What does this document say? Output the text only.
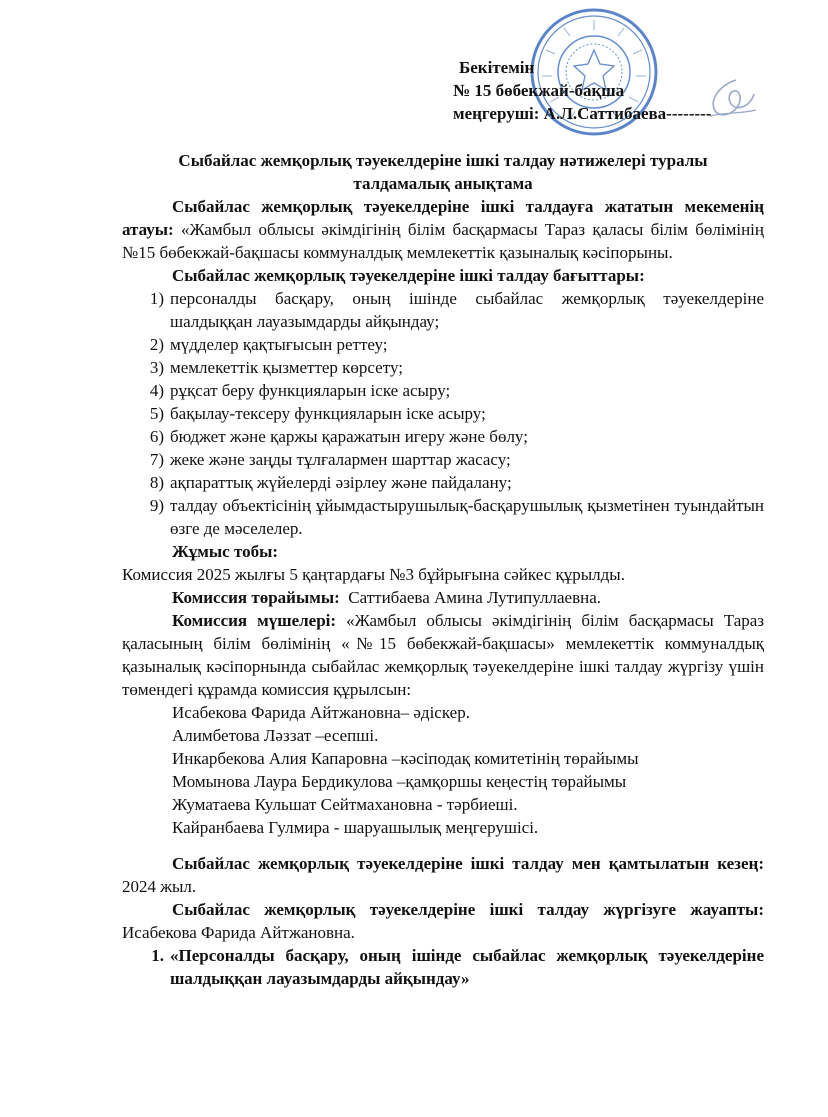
Бекітемін
№ 15 бөбекжай-бақша
меңгеруші: А.Л.Саттибаева--------
Сыбайлас жемқорлық тәуекелдеріне ішкі талдау нәтижелері туралы
талдамалық анықтама
Сыбайлас жемқорлық тәуекелдеріне ішкі талдауға жататын мекеменің атауы: «Жамбыл облысы әкімдігінің білім басқармасы Тараз қаласы білім бөлімінің №15 бөбекжай-бақшасы коммуналдық мемлекеттік қазыналық кәсіпорыны.
Сыбайлас жемқорлық тәуекелдеріне ішкі талдау бағыттары:
1) персоналды басқару, оның ішінде сыбайлас жемқорлық тәуекелдеріне шалдыққан лауазымдарды айқындау;
2) мүдделер қақтығысын реттеу;
3) мемлекеттік қызметтер көрсету;
4) рұқсат беру функцияларын іске асыру;
5) бақылау-тексеру функцияларын іске асыру;
6) бюджет және қаржы қаражатын игеру және бөлу;
7) жеке және заңды тұлғалармен шарттар жасасу;
8) ақпараттық жүйелерді әзірлеу және пайдалану;
9) талдау объектісінің ұйымдастырушылық-басқарушылық қызметінен туындайтын өзге де мәселелер.
Жұмыс тобы:
Комиссия 2025 жылғы 5 қаңтардағы №3 бұйрығына сәйкес құрылды.
Комиссия төрайымы:  Саттибаева Амина Лутипуллаевна.
Комиссия мүшелері: «Жамбыл облысы әкімдігінің білім басқармасы Тараз қаласының білім бөлімінің «№15 бөбекжай-бақшасы» мемлекеттік коммуналдық қазыналық кәсіпорнында сыбайлас жемқорлық тәуекелдеріне ішкі талдау жүргізу үшін төмендегі құрамда комиссия құрылсын:
Исабекова Фарида Айтжановна– әдіскер.
Алимбетова Ләззат –есепші.
Инкарбекова Алия Капаровна –кәсіподақ комитетінің төрайымы
Момынова Лаура Бердикулова –қамқоршы кеңестің төрайымы
Жуматаева Кульшат Сейтмахановна - тәрбиеші.
Кайранбаева Гулмира - шаруашылық меңгерушісі.
Сыбайлас жемқорлық тәуекелдеріне ішкі талдау мен қамтылатын кезең: 2024 жыл.
Сыбайлас жемқорлық тәуекелдеріне ішкі талдау жүргізуге жауапты: Исабекова Фарида Айтжановна.
1. «Персоналды басқару, оның ішінде сыбайлас жемқорлық тәуекелдеріне шалдыққан лауазымдарды айқындау»
